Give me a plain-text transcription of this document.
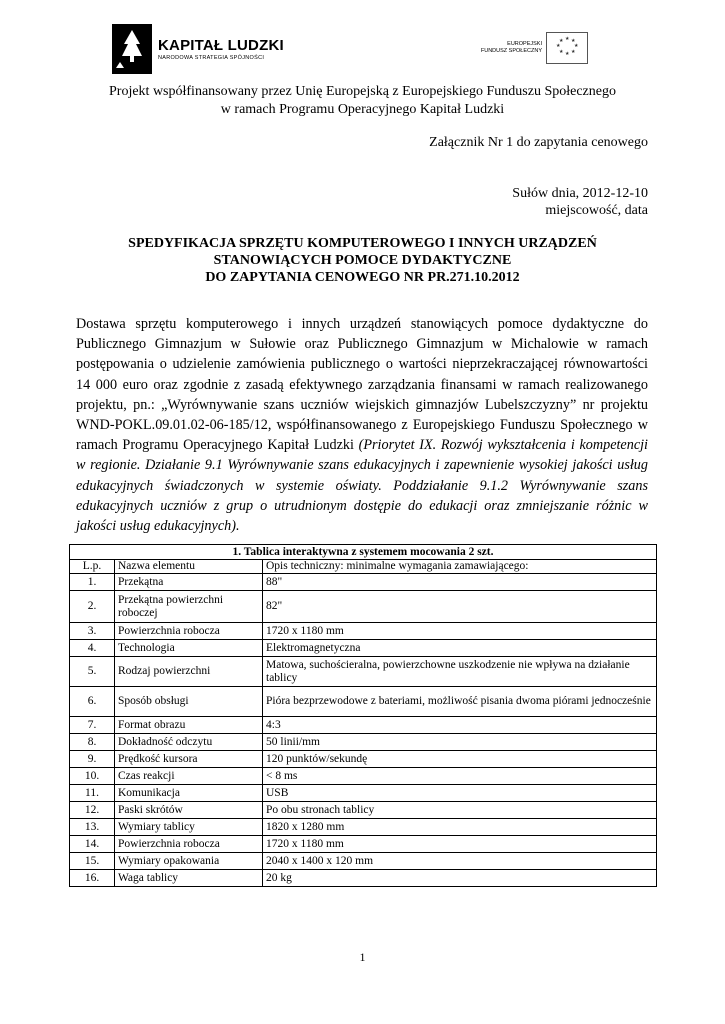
KAPITAŁ LUDZKI
NARODOWA STRATEGIA SPÓJNOŚCI
EUROPEJSKI
FUNDUSZ SPOŁECZNY
★ ★
★
★
★
★
★
★
Projekt współfinansowany przez Unię Europejską z Europejskiego Funduszu Społecznego
w ramach Programu Operacyjnego Kapitał Ludzki
Załącznik Nr 1 do zapytania cenowego
Sułów dnia, 2012-12-10
miejscowość, data
SPEDYFIKACJA SPRZĘTU KOMPUTEROWEGO I INNYCH URZĄDZEŃ
STANOWIĄCYCH POMOCE DYDAKTYCZNE
DO ZAPYTANIA CENOWEGO NR PR.271.10.2012
Dostawa sprzętu komputerowego i innych urządzeń stanowiących pomoce dydaktyczne do Publicznego Gimnazjum w Sułowie oraz Publicznego Gimnazjum w Michalowie w ramach postępowania o udzielenie zamówienia publicznego o wartości nieprzekraczającej równowartości 14 000 euro oraz zgodnie z zasadą efektywnego zarządzania finansami w ramach realizowanego projektu, pn.: „Wyrównywanie szans uczniów wiejskich gimnazjów Lubelszczyzny” nr projektu WND-POKL.09.01.02-06-185/12, współfinansowanego z Europejskiego Funduszu Społecznego w ramach Programu Operacyjnego Kapitał Ludzki (Priorytet IX. Rozwój wykształcenia i kompetencji w regionie. Działanie 9.1 Wyrównywanie szans edukacyjnych i zapewnienie wysokiej jakości usług edukacyjnych świadczonych w systemie oświaty. Poddziałanie 9.1.2 Wyrównywanie szans edukacyjnych uczniów z grup o utrudnionym dostępie do edukacji oraz zmniejszanie różnic w jakości usług edukacyjnych).
1. Tablica interaktywna z systemem mocowania 2 szt.		
L.p.	Nazwa elementu	Opis techniczny: minimalne wymagania zamawiającego:
1.	Przekątna	88"
2.	Przekątna powierzchni roboczej	82"
3.	Powierzchnia robocza	1720 x 1180 mm
4.	Technologia	Elektromagnetyczna
5.	Rodzaj powierzchni	Matowa, suchościeralna, powierzchowne uszkodzenie nie wpływa na działanie tablicy
6.	Sposób obsługi	Pióra bezprzewodowe z bateriami, możliwość pisania dwoma piórami jednocześnie
7.	Format obrazu	4:3
8.	Dokładność odczytu	50 linii/mm
9.	Prędkość kursora	120 punktów/sekundę
10.	Czas reakcji	< 8 ms
11.	Komunikacja	USB
12.	Paski skrótów	Po obu stronach tablicy
13.	Wymiary tablicy	1820 x 1280 mm
14.	Powierzchnia robocza	1720 x 1180 mm
15.	Wymiary opakowania	2040 x 1400 x 120 mm
16.	Waga tablicy	20 kg
1
